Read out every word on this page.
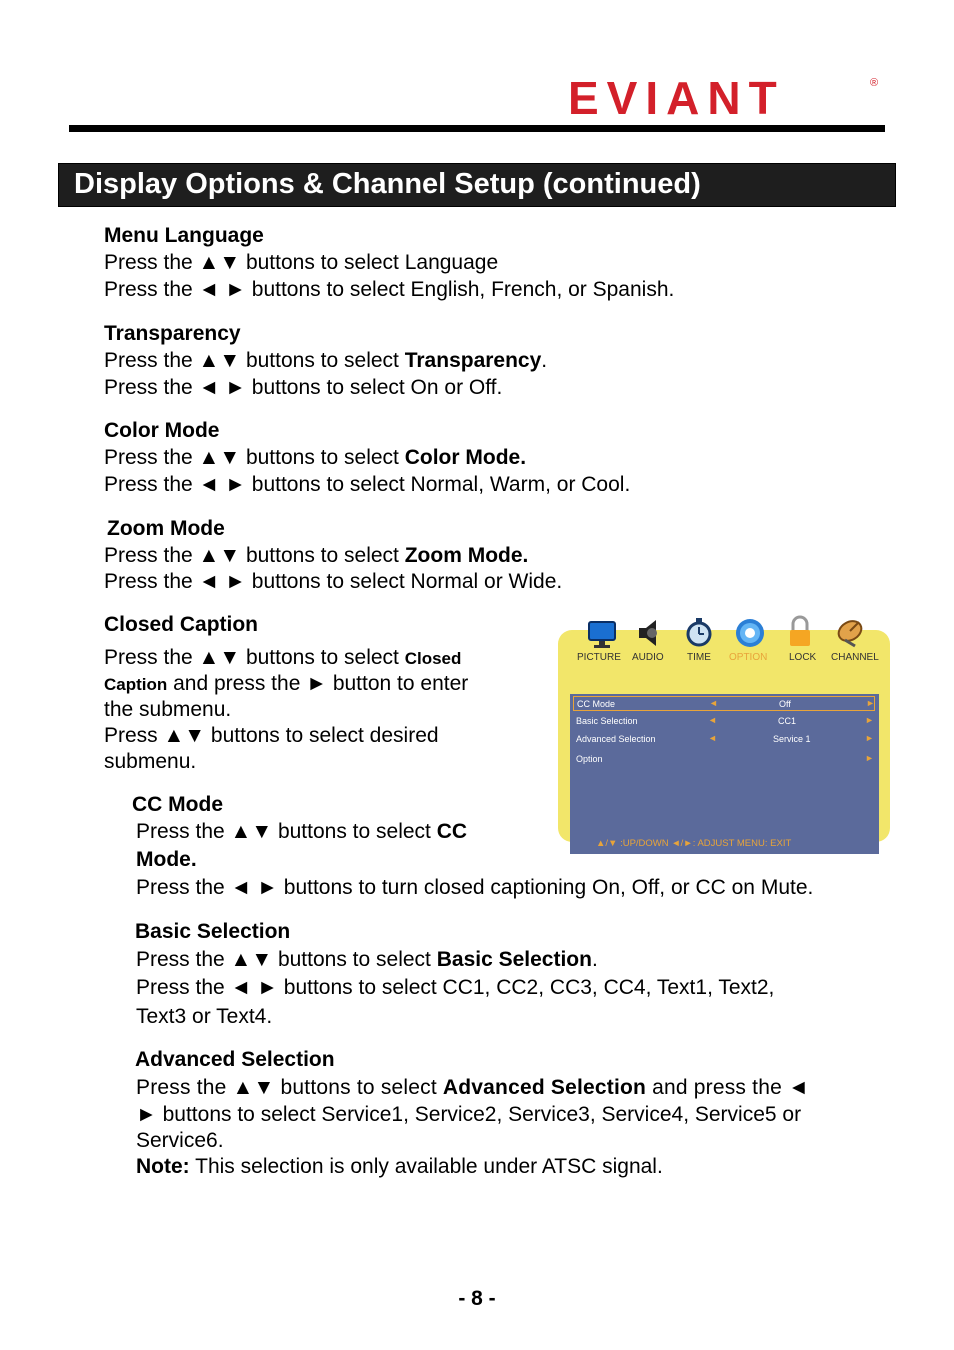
EVIANT	®
Display Options & Channel Setup (continued)
Menu Language
Press the ▲▼ buttons to select Language
Press the ◄ ► buttons to select English, French, or Spanish.
Transparency
Press the ▲▼ buttons to select Transparency.
Press the ◄ ► buttons to select On or Off.
Color Mode
Press the ▲▼ buttons to select Color Mode.
Press the ◄ ► buttons to select Normal, Warm, or Cool.
Zoom Mode
Press the ▲▼ buttons to select Zoom Mode.
Press the ◄ ► buttons to select Normal or Wide.
Closed Caption
Press the ▲▼ buttons to select Closed
Caption and press the ► button to enter
the submenu.
Press ▲▼ buttons to select desired
submenu.
CC Mode	◄	Off	►
Basic Selection	◄	CC1	►
Advanced Selection	◄	Service 1	►
Option	►
▲/▼ :UP/DOWN ◄/►: ADJUST MENU: EXIT
PICTURE AUDIO TIME OPTION LOCK CHANNEL
CC Mode
Press the ▲▼ buttons to select CC
Mode.
Press the ◄ ► buttons to turn closed captioning On, Off, or CC on Mute.
Basic Selection
Press the ▲▼ buttons to select Basic Selection.
Press the ◄ ► buttons to select CC1, CC2, CC3, CC4, Text1, Text2,
Text3 or Text4.
Advanced Selection
Press the ▲▼ buttons to select Advanced Selection and press the ◄
► buttons to select Service1, Service2, Service3, Service4, Service5 or
Service6.
Note: This selection is only available under ATSC signal.
- 8 -
